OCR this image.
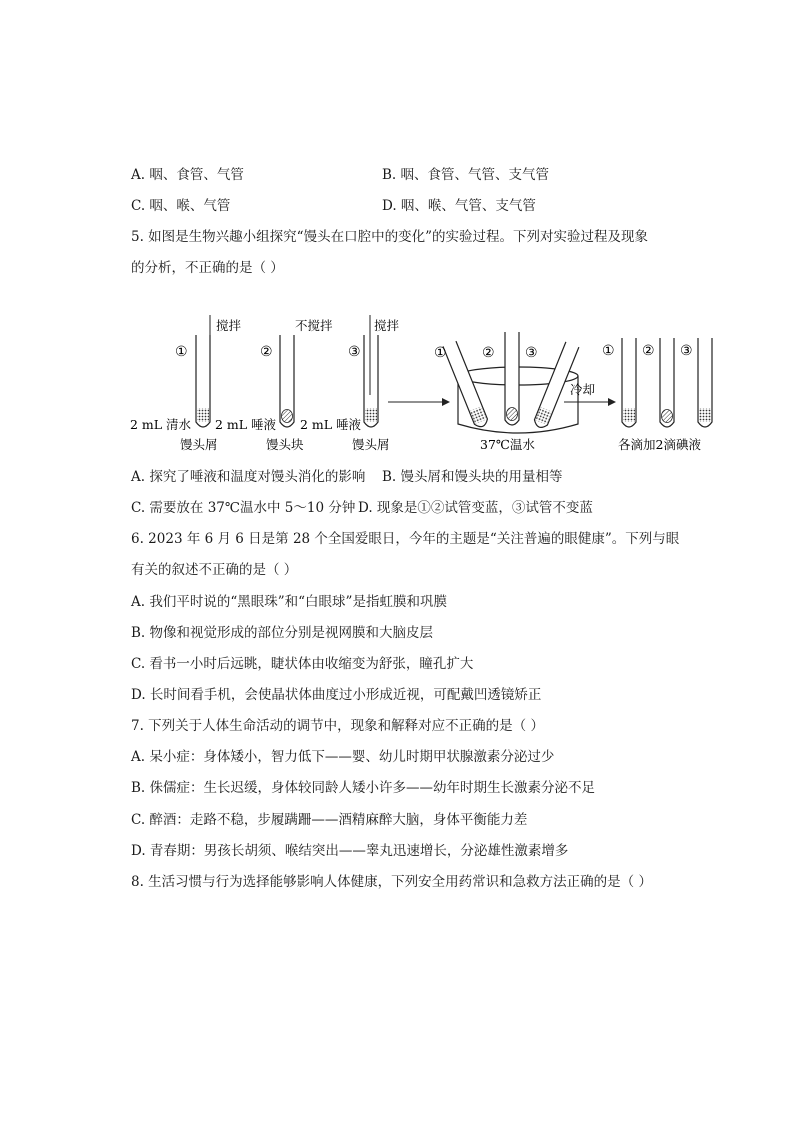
A. 咽、食管、气管	B. 咽、食管、气管、支气管
C. 咽、喉、气管	D. 咽、喉、气管、支气管
5. 如图是生物兴趣小组探究“馒头在口腔中的变化”的实验过程。下列对实验过程及现象
的分析，不正确的是（ ）
搅拌
①
2 mL 清水
馒头屑
不搅拌
②
2 mL 唾液
馒头块
搅拌
③
2 mL 唾液
馒头屑
①	② ③
37℃温水
冷却
① ② ③
各滴加2滴碘液
A. 探究了唾液和温度对馒头消化的影响 B. 馒头屑和馒头块的用量相等
C. 需要放在 37℃温水中 5～10 分钟 D. 现象是①②试管变蓝，③试管不变蓝
6. 2023 年 6 月 6 日是第 28 个全国爱眼日，今年的主题是“关注普遍的眼健康”。下列与眼
有关的叙述不正确的是（ ）
A. 我们平时说的“黑眼珠”和“白眼球”是指虹膜和巩膜
B. 物像和视觉形成的部位分别是视网膜和大脑皮层
C. 看书一小时后远眺，睫状体由收缩变为舒张，瞳孔扩大
D. 长时间看手机，会使晶状体曲度过小形成近视，可配戴凹透镜矫正
7. 下列关于人体生命活动的调节中，现象和解释对应不正确的是（ ）
A. 呆小症：身体矮小，智力低下——婴、幼儿时期甲状腺激素分泌过少
B. 侏儒症：生长迟缓，身体较同龄人矮小许多——幼年时期生长激素分泌不足
C. 醉酒：走路不稳，步履蹒跚——酒精麻醉大脑，身体平衡能力差
D. 青春期：男孩长胡须、喉结突出——睾丸迅速增长，分泌雄性激素增多
8. 生活习惯与行为选择能够影响人体健康，下列安全用药常识和急救方法正确的是（ ）
